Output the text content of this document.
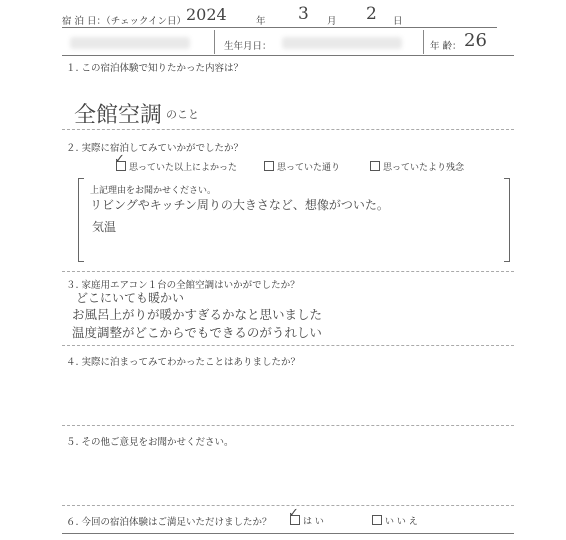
宿 泊 日：（チェックイン日） 2024	年 3 月 2 日
生年月日：	年 齢： 26
１. この宿泊体験で知りたかった内容は？
全館空調 のこと
２. 実際に宿泊してみていかがでしたか？
思っていた以上によかった
✓
思っていた通り	思っていたより残念
上記理由をお聞かせください。
リビングやキッチン周りの大きさなど、想像がついた。
気温
３. 家庭用エアコン１台の全館空調はいかがでしたか？
どこにいても暖かい
お風呂上がりが暖かすぎるかなと思いました
温度調整がどこからでもできるのがうれしい
４. 実際に泊まってみてわかったことはありましたか？
５. その他ご意見をお聞かせください。
６. 今回の宿泊体験はご満足いただけましたか？	は い
✓
い い え
